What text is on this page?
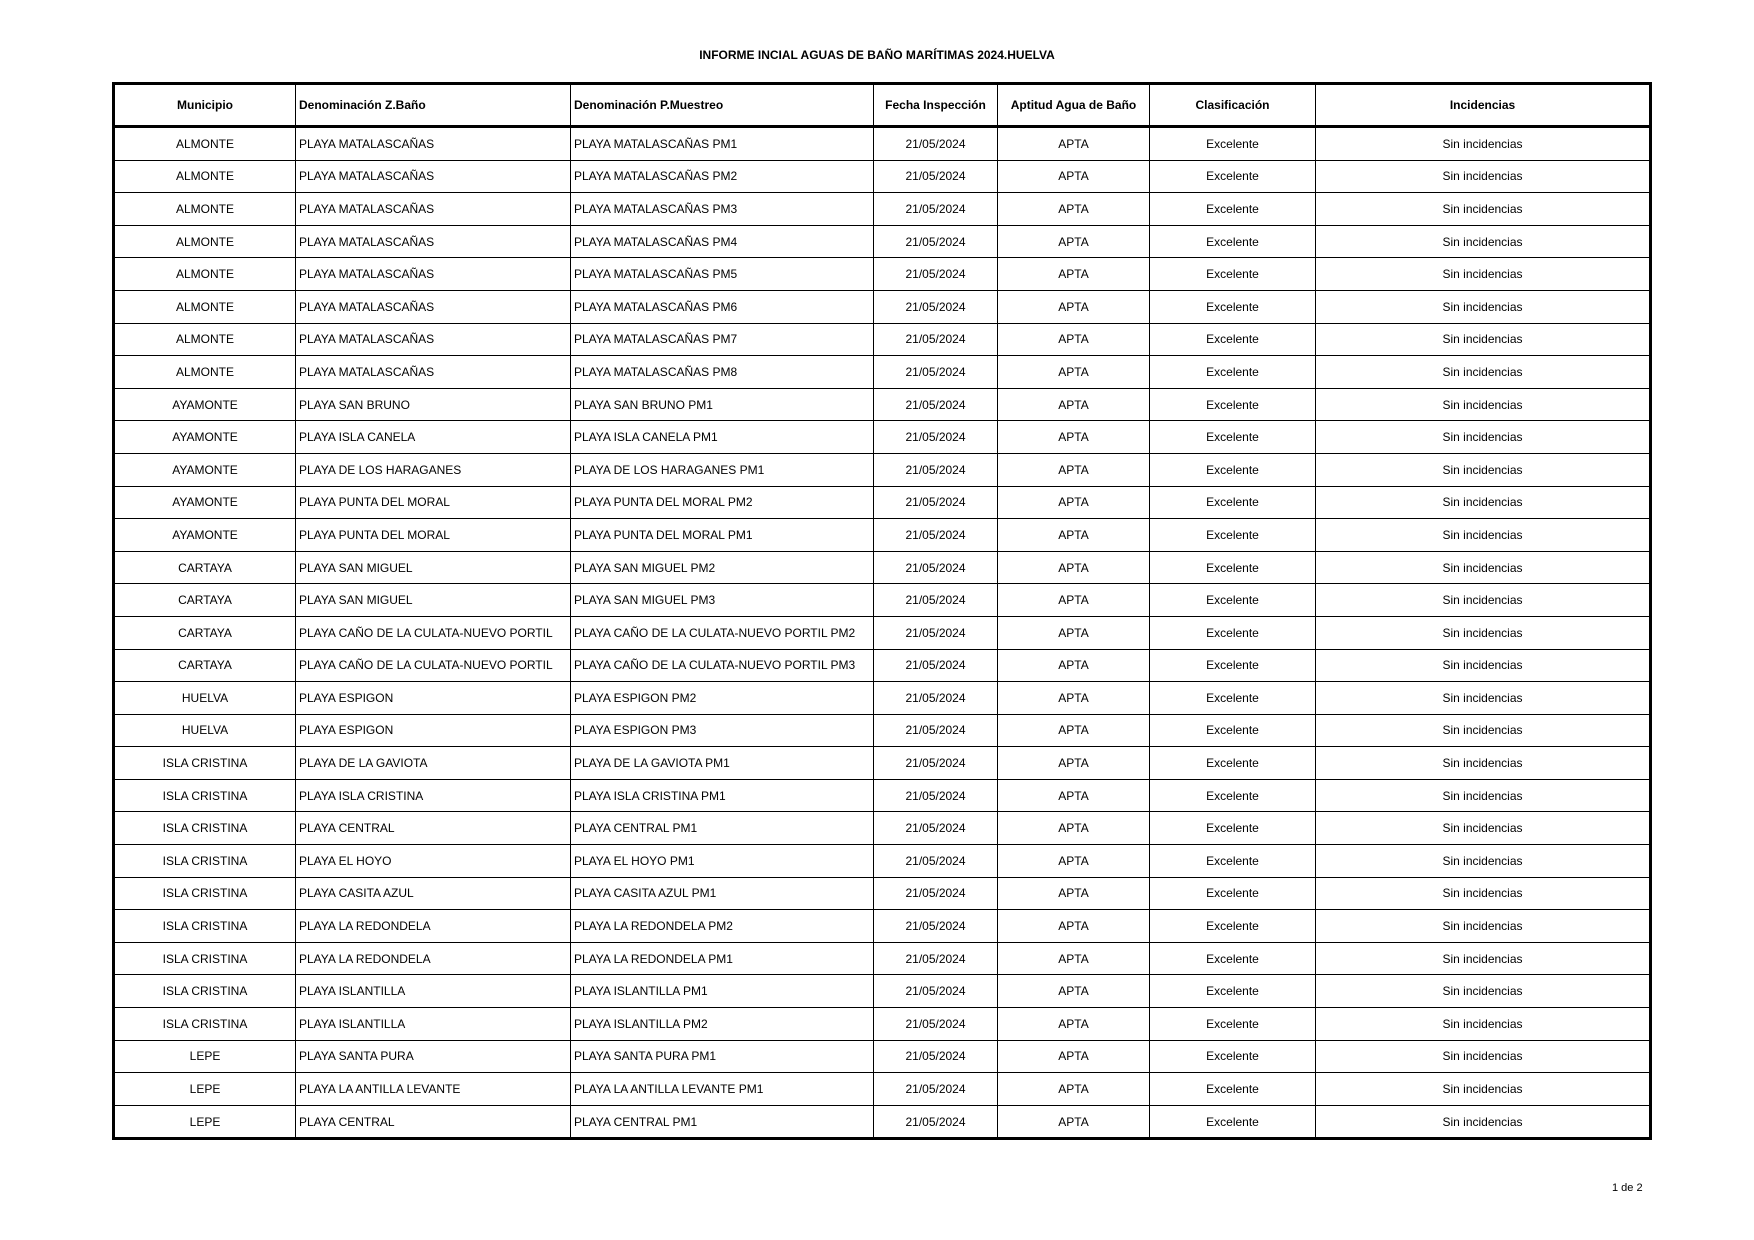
INFORME INCIAL AGUAS DE BAÑO MARÍTIMAS 2024.HUELVA
Municipio	Denominación Z.Baño	Denominación P.Muestreo	Fecha Inspección	Aptitud Agua de Baño	Clasificación	Incidencias
ALMONTE	PLAYA MATALASCAÑAS	PLAYA MATALASCAÑAS PM1	21/05/2024	APTA	Excelente	Sin incidencias
ALMONTE	PLAYA MATALASCAÑAS	PLAYA MATALASCAÑAS PM2	21/05/2024	APTA	Excelente	Sin incidencias
ALMONTE	PLAYA MATALASCAÑAS	PLAYA MATALASCAÑAS PM3	21/05/2024	APTA	Excelente	Sin incidencias
ALMONTE	PLAYA MATALASCAÑAS	PLAYA MATALASCAÑAS PM4	21/05/2024	APTA	Excelente	Sin incidencias
ALMONTE	PLAYA MATALASCAÑAS	PLAYA MATALASCAÑAS PM5	21/05/2024	APTA	Excelente	Sin incidencias
ALMONTE	PLAYA MATALASCAÑAS	PLAYA MATALASCAÑAS PM6	21/05/2024	APTA	Excelente	Sin incidencias
ALMONTE	PLAYA MATALASCAÑAS	PLAYA MATALASCAÑAS PM7	21/05/2024	APTA	Excelente	Sin incidencias
ALMONTE	PLAYA MATALASCAÑAS	PLAYA MATALASCAÑAS PM8	21/05/2024	APTA	Excelente	Sin incidencias
AYAMONTE	PLAYA SAN BRUNO	PLAYA SAN BRUNO PM1	21/05/2024	APTA	Excelente	Sin incidencias
AYAMONTE	PLAYA ISLA CANELA	PLAYA ISLA CANELA PM1	21/05/2024	APTA	Excelente	Sin incidencias
AYAMONTE	PLAYA DE LOS HARAGANES	PLAYA DE LOS HARAGANES PM1	21/05/2024	APTA	Excelente	Sin incidencias
AYAMONTE	PLAYA PUNTA DEL MORAL	PLAYA PUNTA DEL MORAL PM2	21/05/2024	APTA	Excelente	Sin incidencias
AYAMONTE	PLAYA PUNTA DEL MORAL	PLAYA PUNTA DEL MORAL PM1	21/05/2024	APTA	Excelente	Sin incidencias
CARTAYA	PLAYA SAN MIGUEL	PLAYA SAN MIGUEL PM2	21/05/2024	APTA	Excelente	Sin incidencias
CARTAYA	PLAYA SAN MIGUEL	PLAYA SAN MIGUEL PM3	21/05/2024	APTA	Excelente	Sin incidencias
CARTAYA	PLAYA CAÑO DE LA CULATA-NUEVO PORTIL	PLAYA CAÑO DE LA CULATA-NUEVO PORTIL PM2	21/05/2024	APTA	Excelente	Sin incidencias
CARTAYA	PLAYA CAÑO DE LA CULATA-NUEVO PORTIL	PLAYA CAÑO DE LA CULATA-NUEVO PORTIL PM3	21/05/2024	APTA	Excelente	Sin incidencias
HUELVA	PLAYA ESPIGON	PLAYA ESPIGON PM2	21/05/2024	APTA	Excelente	Sin incidencias
HUELVA	PLAYA ESPIGON	PLAYA ESPIGON PM3	21/05/2024	APTA	Excelente	Sin incidencias
ISLA CRISTINA	PLAYA DE LA GAVIOTA	PLAYA DE LA GAVIOTA PM1	21/05/2024	APTA	Excelente	Sin incidencias
ISLA CRISTINA	PLAYA ISLA CRISTINA	PLAYA ISLA CRISTINA PM1	21/05/2024	APTA	Excelente	Sin incidencias
ISLA CRISTINA	PLAYA CENTRAL	PLAYA CENTRAL PM1	21/05/2024	APTA	Excelente	Sin incidencias
ISLA CRISTINA	PLAYA EL HOYO	PLAYA EL HOYO PM1	21/05/2024	APTA	Excelente	Sin incidencias
ISLA CRISTINA	PLAYA CASITA AZUL	PLAYA CASITA AZUL PM1	21/05/2024	APTA	Excelente	Sin incidencias
ISLA CRISTINA	PLAYA LA REDONDELA	PLAYA LA REDONDELA PM2	21/05/2024	APTA	Excelente	Sin incidencias
ISLA CRISTINA	PLAYA LA REDONDELA	PLAYA LA REDONDELA PM1	21/05/2024	APTA	Excelente	Sin incidencias
ISLA CRISTINA	PLAYA ISLANTILLA	PLAYA ISLANTILLA PM1	21/05/2024	APTA	Excelente	Sin incidencias
ISLA CRISTINA	PLAYA ISLANTILLA	PLAYA ISLANTILLA PM2	21/05/2024	APTA	Excelente	Sin incidencias
LEPE	PLAYA SANTA PURA	PLAYA SANTA PURA PM1	21/05/2024	APTA	Excelente	Sin incidencias
LEPE	PLAYA LA ANTILLA LEVANTE	PLAYA LA ANTILLA LEVANTE PM1	21/05/2024	APTA	Excelente	Sin incidencias
LEPE	PLAYA CENTRAL	PLAYA CENTRAL PM1	21/05/2024	APTA	Excelente	Sin incidencias
1 de 2
